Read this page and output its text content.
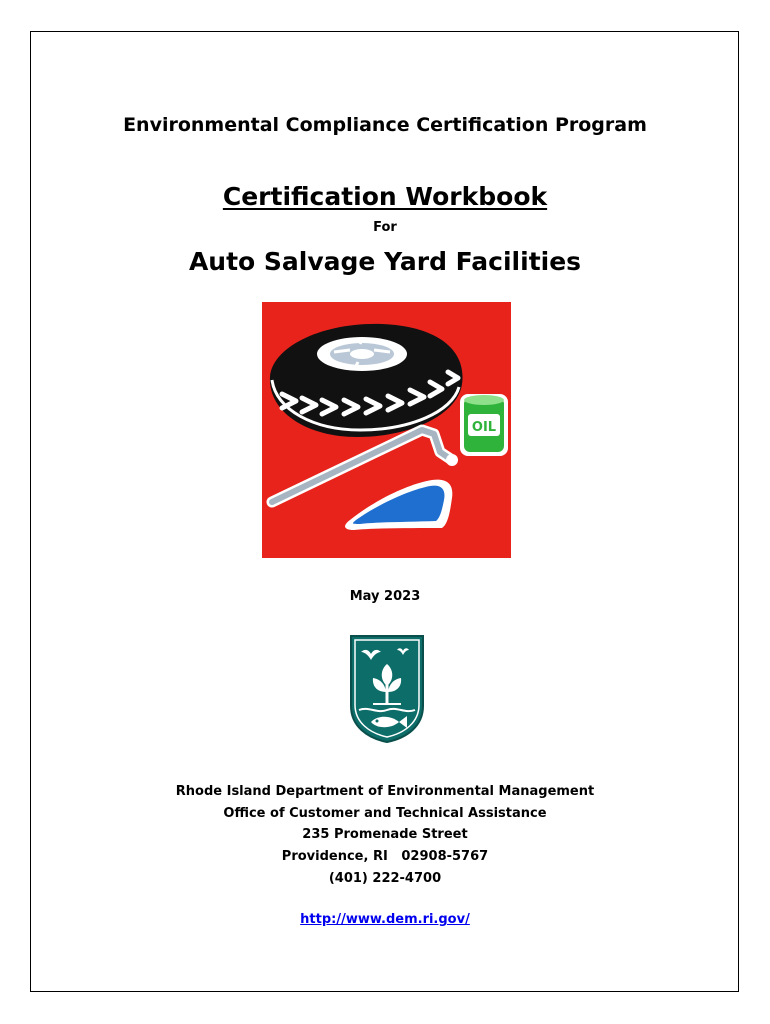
Environmental Compliance Certification Program
Certification Workbook
For
Auto Salvage Yard Facilities
OIL
May 2023
Rhode Island Department of Environmental Management
Office of Customer and Technical Assistance
235 Promenade Street
Providence, RI   02908-5767
(401) 222-4700
http://www.dem.ri.gov/
